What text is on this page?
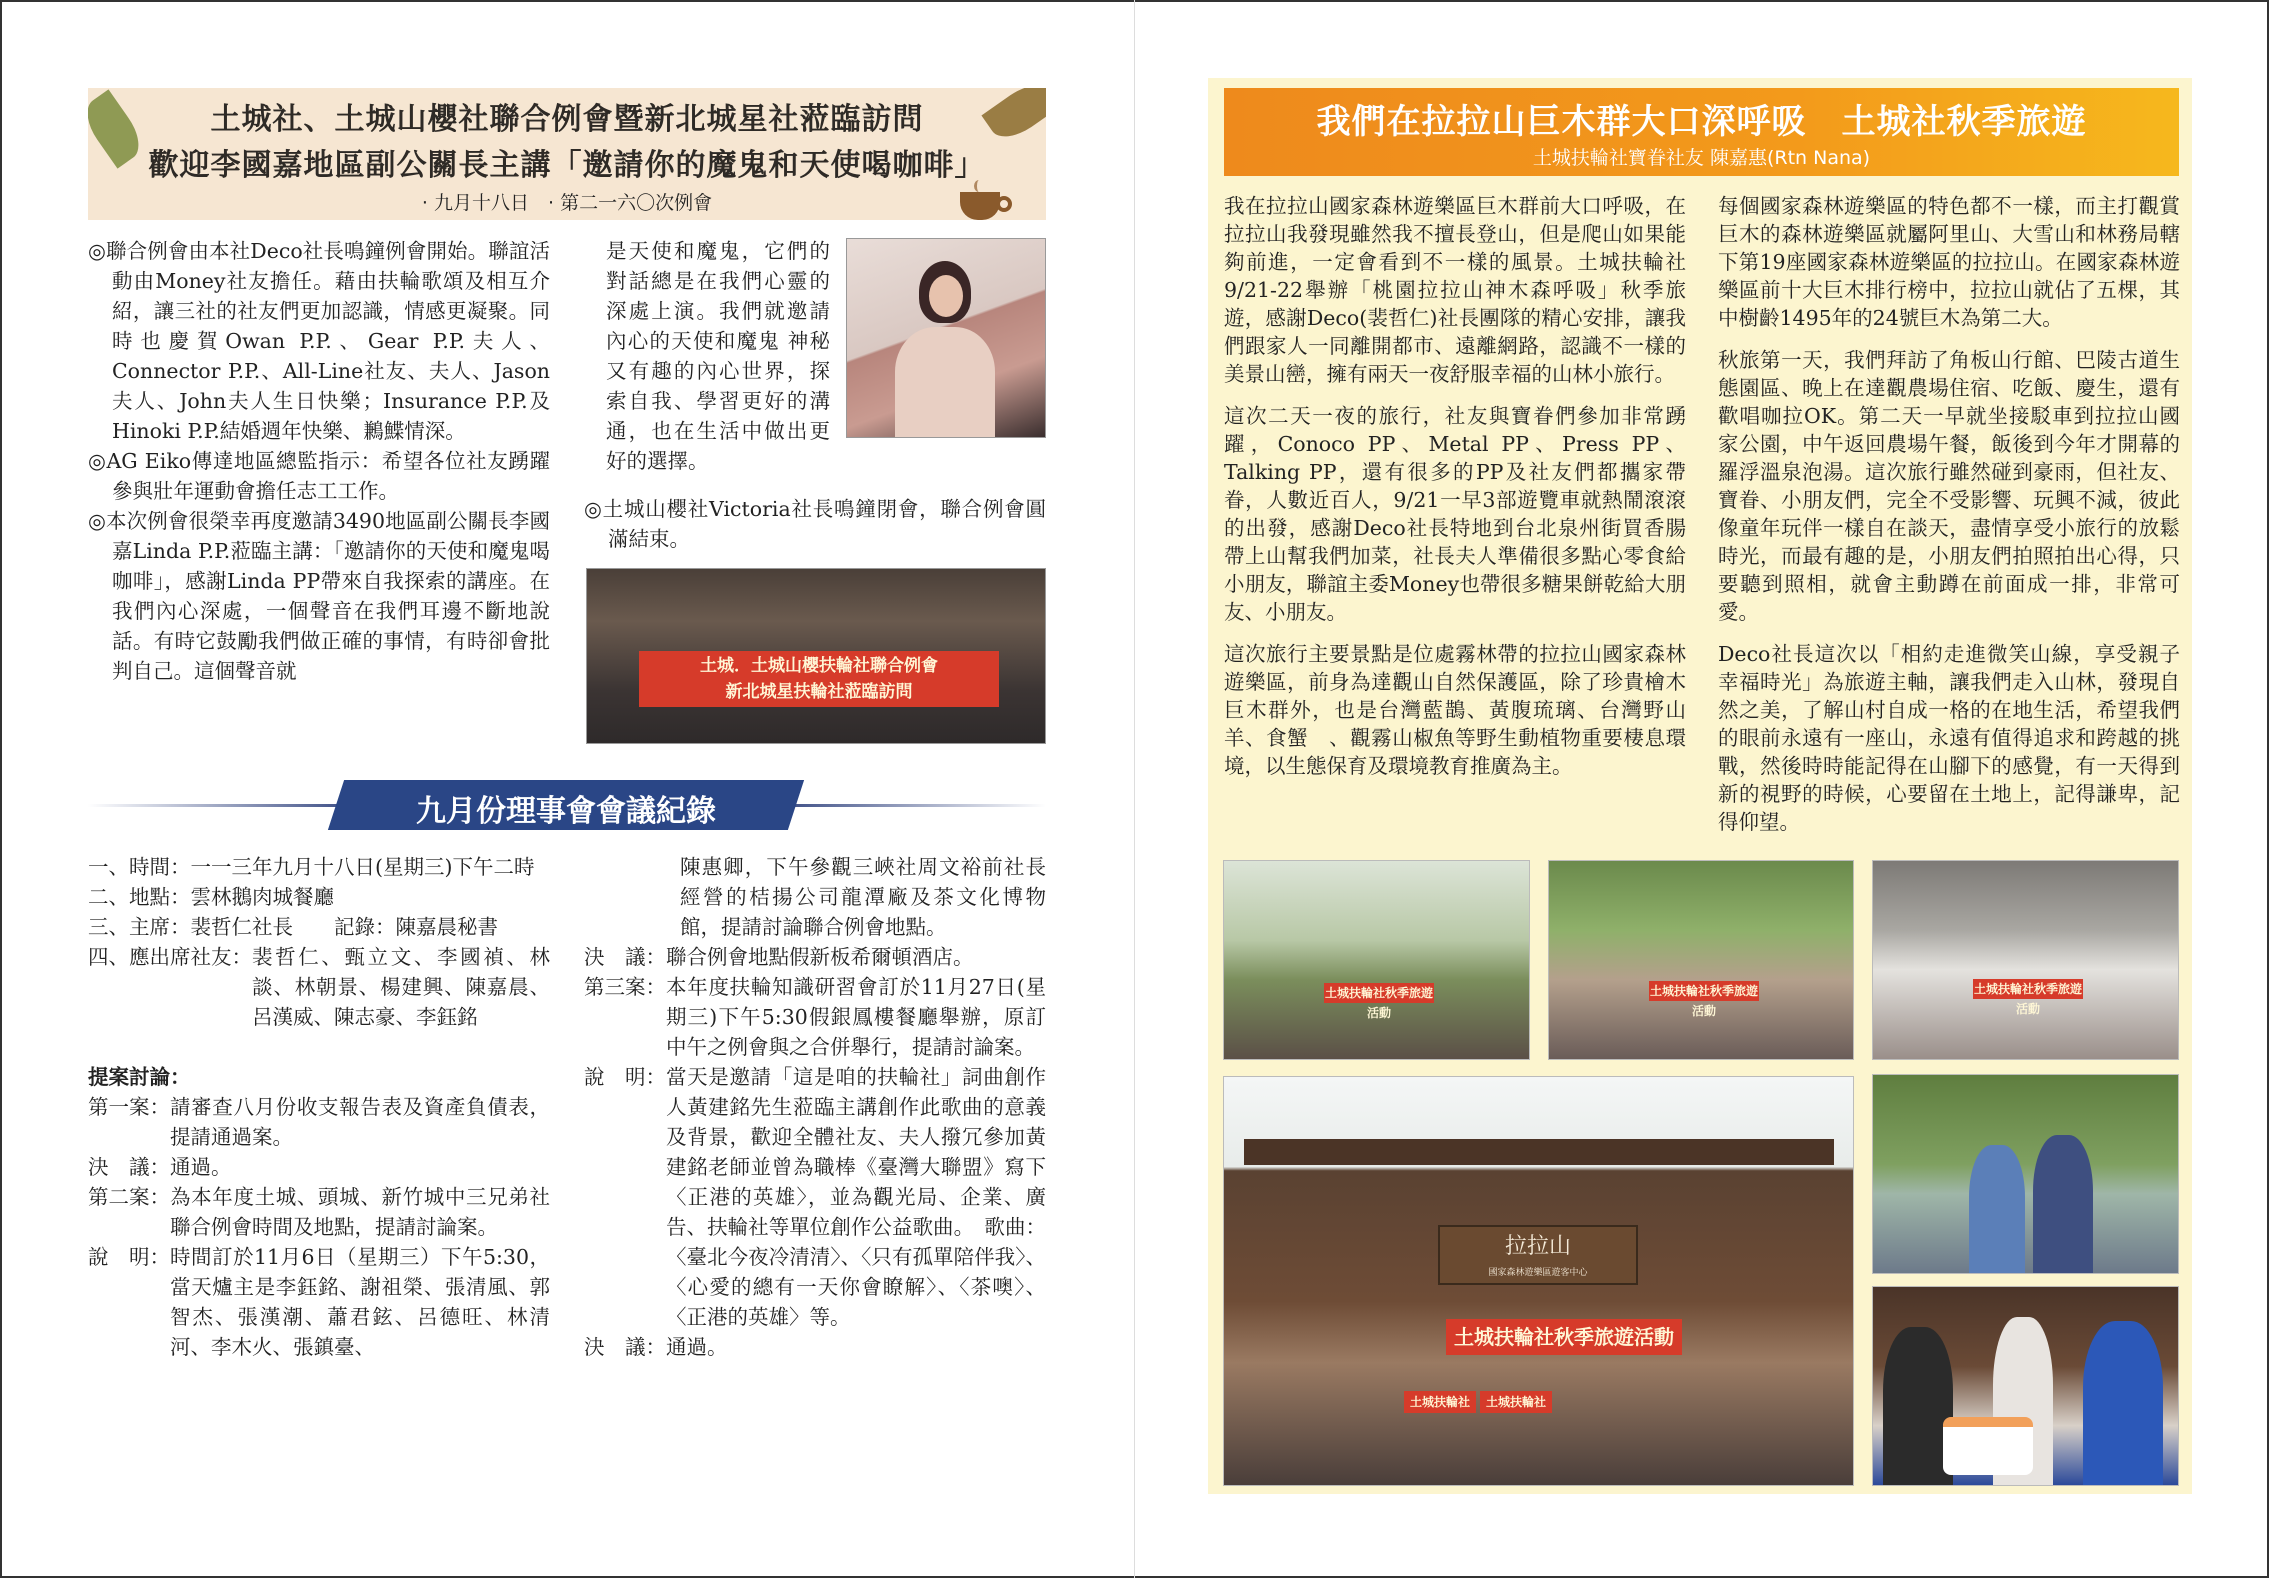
土城社、土城山櫻社聯合例會暨新北城星社蒞臨訪問
歡迎李國嘉地區副公關長主講「邀請你的魔鬼和天使喝咖啡」
· 九月十八日　· 第二一六〇次例會

◎聯合例會由本社Deco社長鳴鐘例會開始。聯誼活動由Money社友擔任。藉由扶輪歌頌及相互介紹，讓三社的社友們更加認識，情感更凝聚。同時也慶賀Owan P.P.、Gear P.P.夫人、Connector P.P.、All-Line社友、夫人、Jason夫人、John夫人生日快樂；Insurance P.P.及Hinoki P.P.結婚週年快樂、鶼鰈情深。

◎AG Eiko傳達地區總監指示：希望各位社友踴躍參與壯年運動會擔任志工工作。

◎本次例會很榮幸再度邀請3490地區副公關長李國嘉Linda P.P.蒞臨主講：「邀請你的天使和魔鬼喝咖啡」，感謝Linda PP帶來自我探索的講座。在我們內心深處，一個聲音在我們耳邊不斷地說話。有時它鼓勵我們做正確的事情，有時卻會批判自己。這個聲音就

是天使和魔鬼，它們的對話總是在我們心靈的深處上演。我們就邀請內心的天使和魔鬼 神秘又有趣的內心世界，探索自我、學習更好的溝通，也在生活中做出更好的選擇。

◎土城山櫻社Victoria社長鳴鐘閉會，聯合例會圓滿結束。

土城．土城山櫻扶輪社聯合例會
新北城星扶輪社蒞臨訪問
九月份理事會會議紀錄
一、時間： 一一三年九月十八日(星期三)下午二時
二、地點： 雲林鵝肉城餐廳
三、主席： 裴哲仁社長　　記錄：陳嘉晨秘書
四、應出席社友： 裴哲仁、甄立文、李國禎、林　談、林朝景、楊建興、陳嘉晨、呂漢威、陳志豪、李鈺銘
提案討論：
第一案： 請審查八月份收支報告表及資產負債表，提請通過案。
決　議： 通過。
第二案： 為本年度土城、頭城、新竹城中三兄弟社聯合例會時間及地點，提請討論案。
說　明： 時間訂於11月6日（星期三）下午5:30，當天爐主是李鈺銘、謝祖榮、張清風、郭智杰、張漢潮、蕭君鉉、呂德旺、林清河、李木火、張鎮臺、
陳惠卿，下午參觀三峽社周文裕前社長經營的桔揚公司龍潭廠及茶文化博物館，提請討論聯合例會地點。
決　議： 聯合例會地點假新板希爾頓酒店。
第三案： 本年度扶輪知識研習會訂於11月27日(星期三)下午5:30假銀鳳樓餐廳舉辦，原訂中午之例會與之合併舉行，提請討論案。
說　明： 當天是邀請「這是咱的扶輪社」詞曲創作人黃建銘先生蒞臨主講創作此歌曲的意義及背景，歡迎全體社友、夫人撥冗參加黃建銘老師並曾為職棒《臺灣大聯盟》寫下〈正港的英雄〉，並為觀光局、企業、廣告、扶輪社等單位創作公益歌曲。　歌曲：〈臺北今夜冷清清〉、〈只有孤單陪伴我〉、〈心愛的總有一天你會瞭解〉、〈茶噢〉、〈正港的英雄〉等。
決　議： 通過。
我們在拉拉山巨木群大口深呼吸　土城社秋季旅遊
土城扶輪社寶眷社友 陳嘉惠(Rtn Nana)

我在拉拉山國家森林遊樂區巨木群前大口呼吸，在拉拉山我發現雖然我不擅長登山，但是爬山如果能夠前進，一定會看到不一樣的風景。土城扶輪社9/21-22舉辦「桃園拉拉山神木森呼吸」秋季旅遊，感謝Deco(裴哲仁)社長團隊的精心安排，讓我們跟家人一同離開都市、遠離網路，認識不一樣的美景山巒，擁有兩天一夜舒服幸福的山林小旅行。

這次二天一夜的旅行，社友與寶眷們參加非常踴躍，Conoco PP、Metal PP、Press PP、Talking PP，還有很多的PP及社友們都攜家帶眷，人數近百人，9/21一早3部遊覽車就熱鬧滾滾的出發，感謝Deco社長特地到台北泉州街買香腸帶上山幫我們加菜，社長夫人準備很多點心零食給小朋友，聯誼主委Money也帶很多糖果餅乾給大朋友、小朋友。

這次旅行主要景點是位處霧林帶的拉拉山國家森林遊樂區，前身為達觀山自然保護區，除了珍貴檜木巨木群外，也是台灣藍鵲、黃腹琉璃、台灣野山羊、食蟹　、觀霧山椒魚等野生動植物重要棲息環境，以生態保育及環境教育推廣為主。

每個國家森林遊樂區的特色都不一樣，而主打觀賞巨木的森林遊樂區就屬阿里山、大雪山和林務局轄下第19座國家森林遊樂區的拉拉山。在國家森林遊樂區前十大巨木排行榜中，拉拉山就佔了五棵，其中樹齡1495年的24號巨木為第二大。

秋旅第一天，我們拜訪了角板山行館、巴陵古道生態園區、晚上在達觀農場住宿、吃飯、慶生，還有歡唱咖拉OK。第二天一早就坐接駁車到拉拉山國家公園，中午返回農場午餐，飯後到今年才開幕的羅浮溫泉泡湯。這次旅行雖然碰到豪雨，但社友、寶眷、小朋友們，完全不受影響、玩興不減，彼此像童年玩伴一樣自在談天，盡情享受小旅行的放鬆時光，而最有趣的是，小朋友們拍照拍出心得，只要聽到照相，就會主動蹲在前面成一排，非常可愛。

Deco社長這次以「相約走進微笑山線，享受親子幸福時光」為旅遊主軸，讓我們走入山林，發現自然之美，了解山村自成一格的在地生活，希望我們的眼前永遠有一座山，永遠有值得追求和跨越的挑戰，然後時時能記得在山腳下的感覺，有一天得到新的視野的時候，心要留在土地上，記得謙卑，記得仰望。

土城扶輪社秋季旅遊活動
土城扶輪社秋季旅遊活動
土城扶輪社秋季旅遊活動
拉拉山
國家森林遊樂區遊客中心
土城扶輪社秋季旅遊活動
土城扶輪社	土城扶輪社
